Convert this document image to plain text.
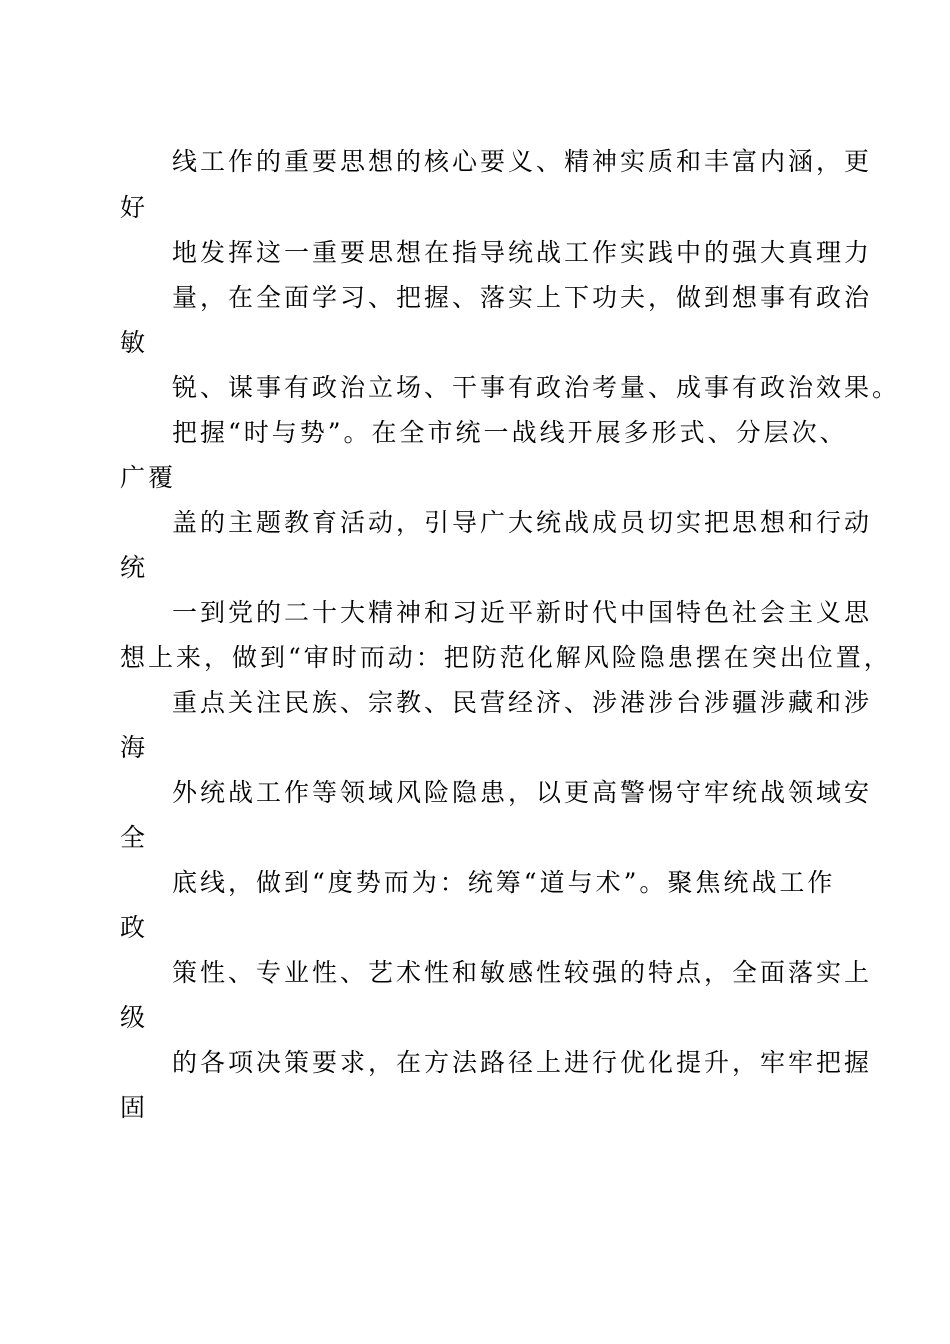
线工作的重要思想的核心要义、精神实质和丰富内涵，更
好
地发挥这一重要思想在指导统战工作实践中的强大真理力
量，在全面学习、把握、落实上下功夫，做到想事有政治
敏
锐、谋事有政治立场、干事有政治考量、成事有政治效果。
把握“时与势”。在全市统一战线开展多形式、分层次、
广覆
盖的主题教育活动，引导广大统战成员切实把思想和行动
统
一到党的二十大精神和习近平新时代中国特色社会主义思
想上来，做到“审时而动：把防范化解风险隐患摆在突出位置，
重点关注民族、宗教、民营经济、涉港涉台涉疆涉藏和涉
海
外统战工作等领域风险隐患，以更高警惕守牢统战领域安
全
底线，做到“度势而为：统筹“道与术”。聚焦统战工作
政
策性、专业性、艺术性和敏感性较强的特点，全面落实上
级
的各项决策要求，在方法路径上进行优化提升，牢牢把握
固
